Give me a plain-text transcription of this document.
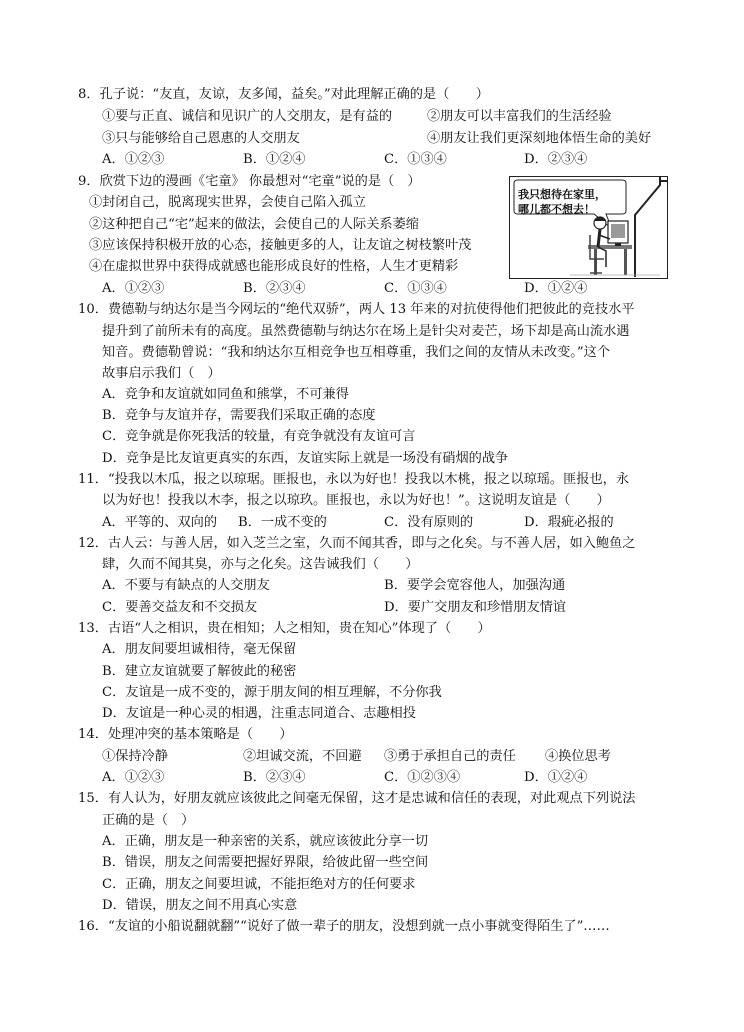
8．孔子说：“友直，友谅，友多闻，益矣。”对此理解正确的是（　　）
①要与正直、诚信和见识广的人交朋友，是有益的	②朋友可以丰富我们的生活经验
③只与能够给自己恩惠的人交朋友	④朋友让我们更深刻地体悟生命的美好
A．①②③	B．①②④	C．①③④	D．②③④
9．欣赏下边的漫画《宅童》 你最想对“宅童”说的是（　）
①封闭自己，脱离现实世界，会使自己陷入孤立
②这种把自己“宅”起来的做法，会使自己的人际关系萎缩
③应该保持积极开放的心态，接触更多的人，让友谊之树枝繁叶茂
④在虚拟世界中获得成就感也能形成良好的性格，人生才更精彩
A．①②③	B．②③④	C．①③④	D．①②④
我只想待在家里，
哪儿都不想去！
10．费德勒与纳达尔是当今网坛的“绝代双骄”，两人 13 年来的对抗使得他们把彼此的竞技水平
提升到了前所未有的高度。虽然费德勒与纳达尔在场上是针尖对麦芒，场下却是高山流水遇
知音。费德勒曾说：“我和纳达尔互相竞争也互相尊重，我们之间的友情从未改变。”这个
故事启示我们（　）
A．竞争和友谊就如同鱼和熊掌，不可兼得
B．竞争与友谊并存，需要我们采取正确的态度
C．竞争就是你死我活的较量，有竞争就没有友谊可言
D．竞争是比友谊更真实的东西，友谊实际上就是一场没有硝烟的战争
11．“投我以木瓜，报之以琼琚。匪报也，永以为好也！投我以木桃，报之以琼瑶。匪报也，永
以为好也！投我以木李，报之以琼玖。匪报也，永以为好也！”。这说明友谊是（　　）
A．平等的、双向的 B．一成不变的	C．没有原则的	D．瑕疵必报的
12．古人云：与善人居，如入芝兰之室，久而不闻其香，即与之化矣。与不善人居，如入鲍鱼之
肆，久而不闻其臭，亦与之化矣。这告诫我们（　　）
A．不要与有缺点的人交朋友	B．要学会宽容他人，加强沟通
C．要善交益友和不交损友	D．要广交朋友和珍惜朋友情谊
13．古语“人之相识，贵在相知；人之相知，贵在知心”体现了（　　）
A．朋友间要坦诚相待，毫无保留
B．建立友谊就要了解彼此的秘密
C．友谊是一成不变的，源于朋友间的相互理解，不分你我
D．友谊是一种心灵的相遇，注重志同道合、志趣相投
14．处理冲突的基本策略是（　　）
①保持冷静	②坦诚交流，不回避 ③勇于承担自己的责任 ④换位思考
A．①②③	B．②③④	C．①②③④	D．①②④
15．有人认为，好朋友就应该彼此之间毫无保留，这才是忠诚和信任的表现，对此观点下列说法
正确的是（　）
A．正确，朋友是一种亲密的关系，就应该彼此分享一切
B．错误，朋友之间需要把握好界限，给彼此留一些空间
C．正确，朋友之间要坦诚，不能拒绝对方的任何要求
D．错误，朋友之间不用真心实意
16．“友谊的小船说翻就翻”“说好了做一辈子的朋友，没想到就一点小事就变得陌生了”……
